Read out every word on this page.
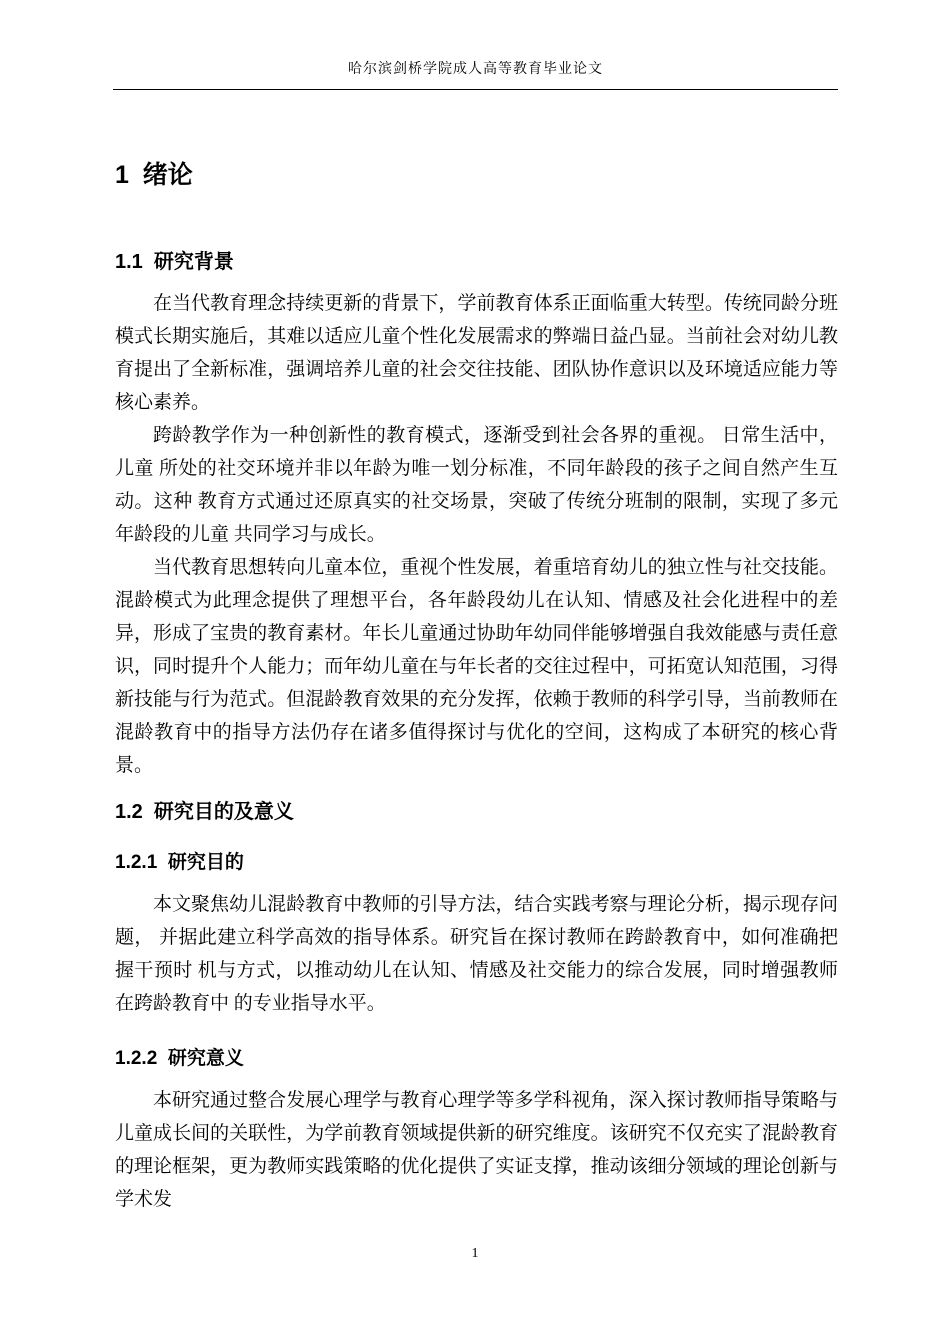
哈尔滨剑桥学院成人高等教育毕业论文
1  绪论
1.1  研究背景

在当代教育理念持续更新的背景下，学前教育体系正面临重大转型。传统同龄分班模式长期实施后，其难以适应儿童个性化发展需求的弊端日益凸显。当前社会对幼儿教育提出了全新标准，强调培养儿童的社会交往技能、团队协作意识以及环境适应能力等核心素养。

跨龄教学作为一种创新性的教育模式，逐渐受到社会各界的重视。 日常生活中，儿童 所处的社交环境并非以年龄为唯一划分标准，不同年龄段的孩子之间自然产生互动。这种 教育方式通过还原真实的社交场景，突破了传统分班制的限制，实现了多元年龄段的儿童 共同学习与成长。

当代教育思想转向儿童本位，重视个性发展，着重培育幼儿的独立性与社交技能。混龄模式为此理念提供了理想平台，各年龄段幼儿在认知、情感及社会化进程中的差异，形成了宝贵的教育素材。年长儿童通过协助年幼同伴能够增强自我效能感与责任意识，同时提升个人能力；而年幼儿童在与年长者的交往过程中，可拓宽认知范围，习得新技能与行为范式。但混龄教育效果的充分发挥，依赖于教师的科学引导，当前教师在混龄教育中的指导方法仍存在诸多值得探讨与优化的空间，这构成了本研究的核心背景。

1.2  研究目的及意义
1.2.1  研究目的

本文聚焦幼儿混龄教育中教师的引导方法，结合实践考察与理论分析，揭示现存问题， 并据此建立科学高效的指导体系。研究旨在探讨教师在跨龄教育中，如何准确把握干预时 机与方式，以推动幼儿在认知、情感及社交能力的综合发展，同时增强教师在跨龄教育中 的专业指导水平。

1.2.2  研究意义

本研究通过整合发展心理学与教育心理学等多学科视角，深入探讨教师指导策略与儿童成长间的关联性，为学前教育领域提供新的研究维度。该研究不仅充实了混龄教育的理论框架，更为教师实践策略的优化提供了实证支撑，推动该细分领域的理论创新与学术发

1
